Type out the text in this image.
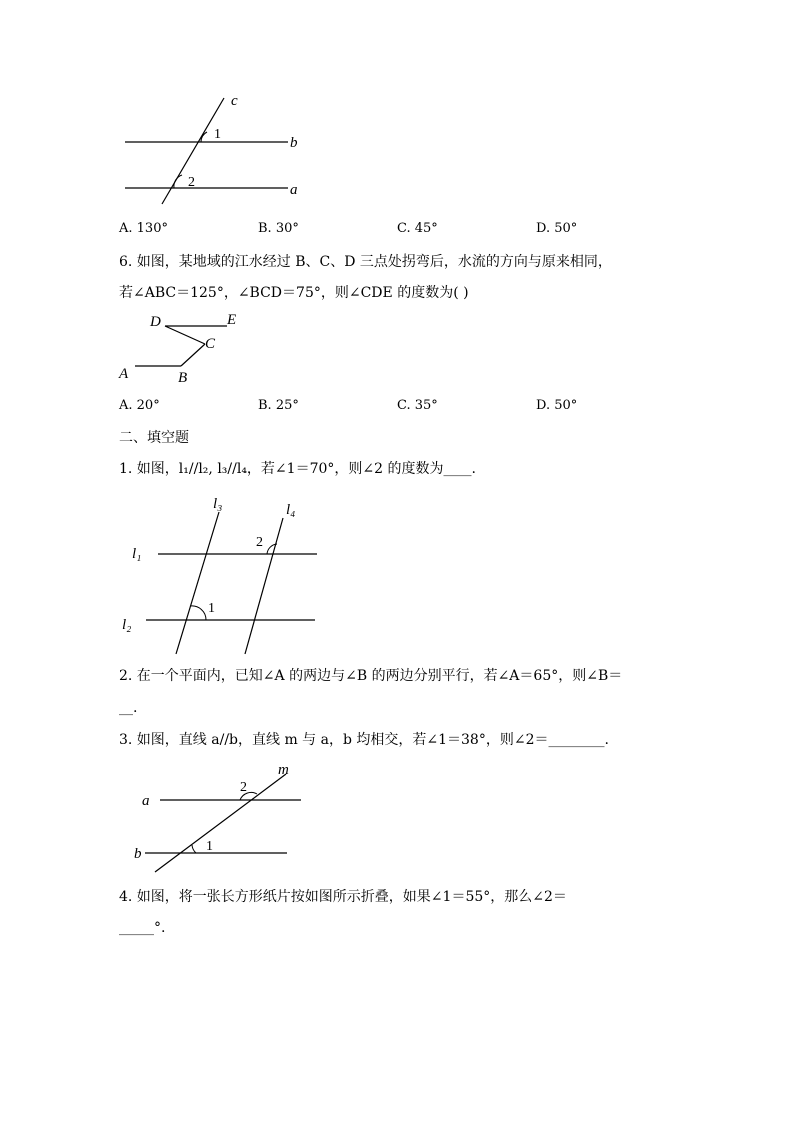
c
b
a
1
2
A. 130°	B. 30°	C. 45°	D. 50°
6. 如图，某地域的江水经过 B、C、D 三点处拐弯后，水流的方向与原来相同，
若∠ABC＝125°，∠BCD＝75°，则∠CDE 的度数为( )
D	E
C
A	B
A. 20°	B. 25°	C. 35°	D. 50°
二、填空题
1. 如图，l₁//l₂, l₃//l₄，若∠1＝70°，则∠2 的度数为____.
l₃	l₄
l₁
l₂
1
2
2. 在一个平面内，已知∠A 的两边与∠B 的两边分别平行，若∠A＝65°，则∠B＝
__.
3. 如图，直线 a//b，直线 m 与 a，b 均相交，若∠1＝38°，则∠2＝________.
m
a
b
2
1
4. 如图，将一张长方形纸片按如图所示折叠，如果∠1＝55°，那么∠2＝
_____°.
